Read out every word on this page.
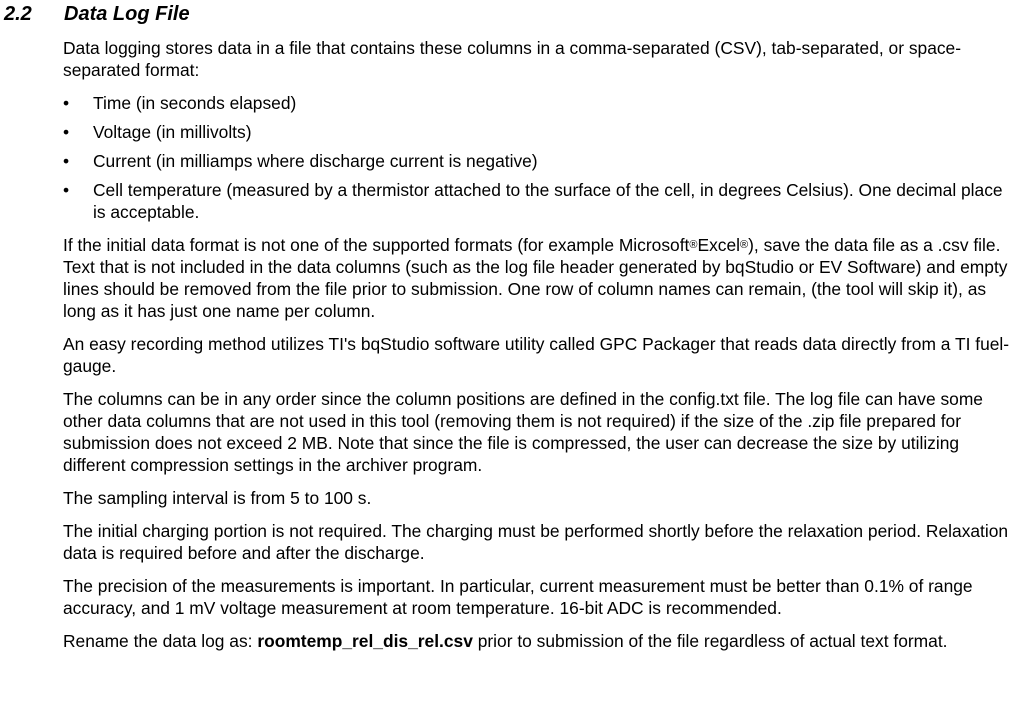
2.2 Data Log File

Data logging stores data in a file that contains these columns in a comma-separated (CSV), tab-separated, or space-separated format:

• Time (in seconds elapsed)
• Voltage (in millivolts)
• Current (in milliamps where discharge current is negative)
• Cell temperature (measured by a thermistor attached to the surface of the cell, in degrees Celsius). One decimal place is acceptable.

If the initial data format is not one of the supported formats (for example Microsoft®Excel®), save the data file as a .csv file. Text that is not included in the data columns (such as the log file header generated by bqStudio or EV Software) and empty lines should be removed from the file prior to submission. One row of column names can remain, (the tool will skip it), as long as it has just one name per column.

An easy recording method utilizes TI's bqStudio software utility called GPC Packager that reads data directly from a TI fuel-gauge.

The columns can be in any order since the column positions are defined in the config.txt file. The log file can have some other data columns that are not used in this tool (removing them is not required) if the size of the .zip file prepared for submission does not exceed 2 MB. Note that since the file is compressed, the user can decrease the size by utilizing different compression settings in the archiver program.

The sampling interval is from 5 to 100 s.

The initial charging portion is not required. The charging must be performed shortly before the relaxation period. Relaxation data is required before and after the discharge.

The precision of the measurements is important. In particular, current measurement must be better than 0.1% of range accuracy, and 1 mV voltage measurement at room temperature. 16-bit ADC is recommended.

Rename the data log as: roomtemp_rel_dis_rel.csv prior to submission of the file regardless of actual text format.
